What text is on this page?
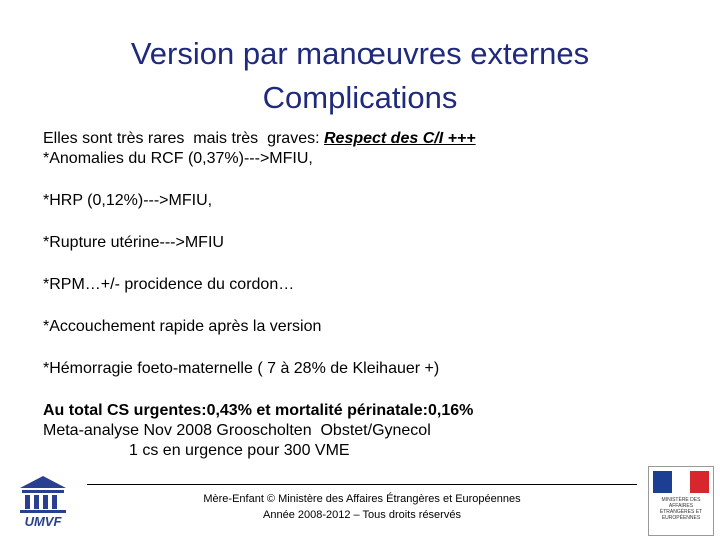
Version par manœuvres externes
Complications
Elles sont très rares  mais très  graves: Respect des C/I +++
*Anomalies du RCF (0,37%)--->MFIU,
*HRP (0,12%)--->MFIU,
*Rupture utérine--->MFIU
*RPM…+/- procidence du cordon…
*Accouchement rapide après la version
*Hémorragie foeto-maternelle ( 7 à 28% de Kleihauer +)
Au total CS urgentes:0,43% et mortalité périnatale:0,16%
Meta-analyse Nov 2008 Grooscholten  Obstet/Gynecol
1 cs en urgence pour 300 VME
Mère-Enfant © Ministère des Affaires Étrangères et Européennes
Année 2008-2012 – Tous droits réservés
UMVF
MINISTÈRE DES AFFAIRES ÉTRANGÈRES ET EUROPÉENNES
